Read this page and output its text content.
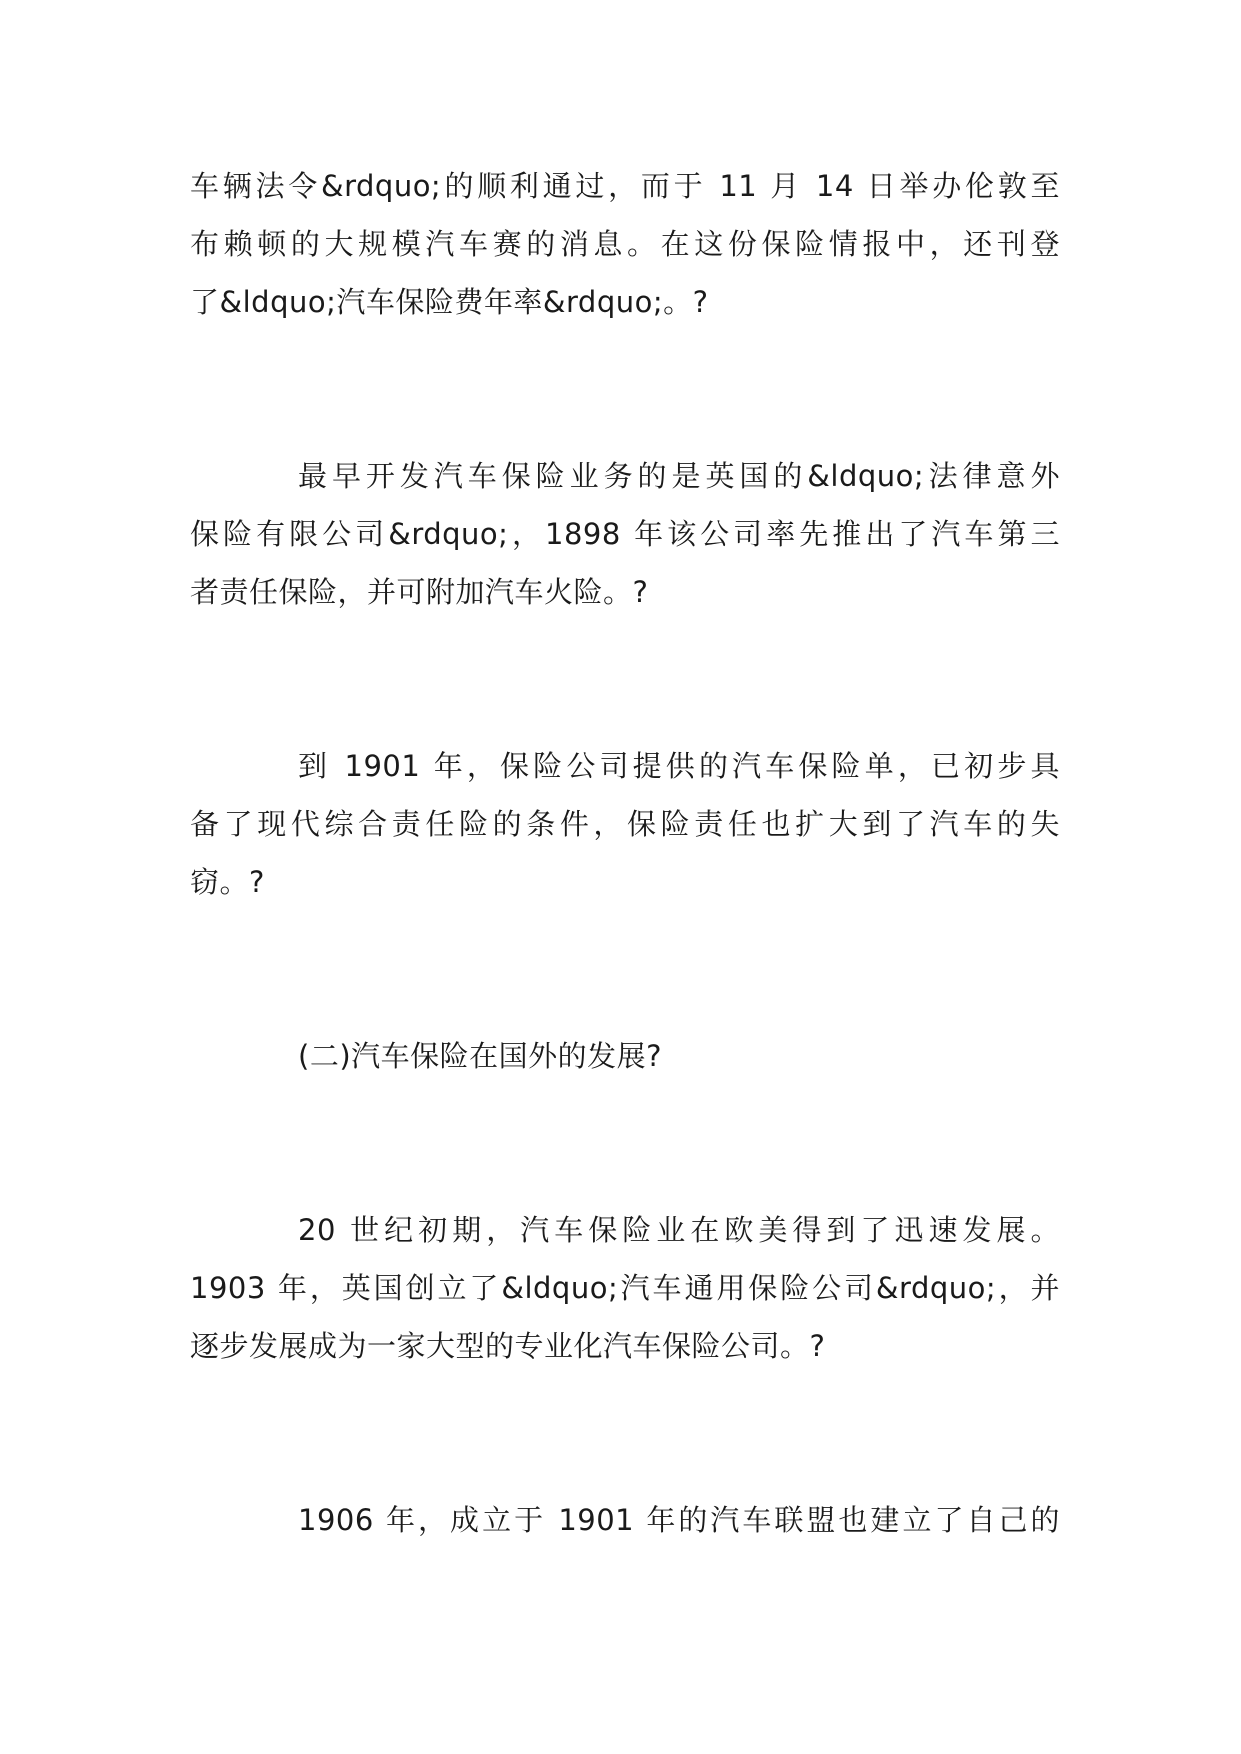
车辆法令&rdquo;的顺利通过，而于 11 月 14 日举办伦敦至
布赖顿的大规模汽车赛的消息。在这份保险情报中，还刊登
了&ldquo;汽车保险费年率&rdquo;。?
最早开发汽车保险业务的是英国的&ldquo;法律意外
保险有限公司&rdquo;，1898 年该公司率先推出了汽车第三
者责任保险，并可附加汽车火险。?
到 1901 年，保险公司提供的汽车保险单，已初步具
备了现代综合责任险的条件，保险责任也扩大到了汽车的失
窃。?
(二)汽车保险在国外的发展?
20 世纪初期，汽车保险业在欧美得到了迅速发展。
1903 年，英国创立了&ldquo;汽车通用保险公司&rdquo;，并
逐步发展成为一家大型的专业化汽车保险公司。?
1906 年，成立于 1901 年的汽车联盟也建立了自己的
